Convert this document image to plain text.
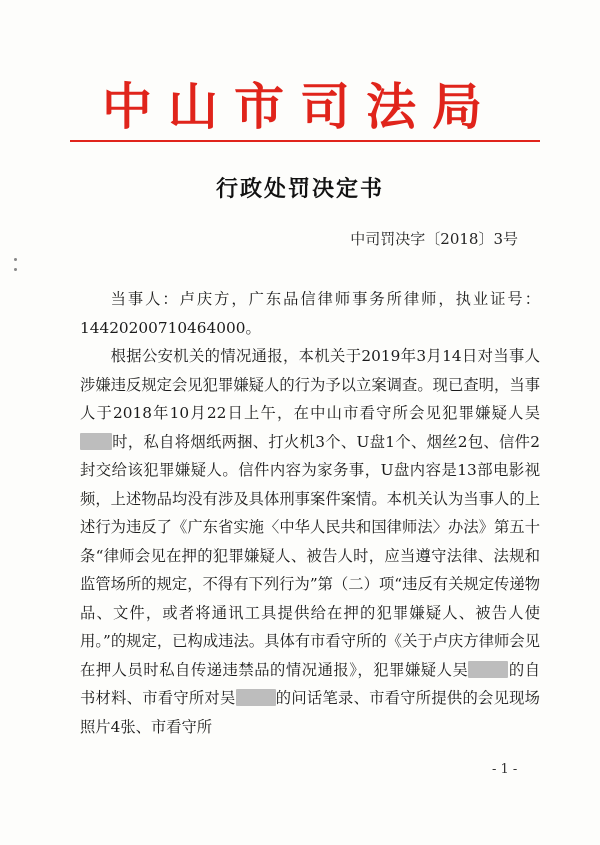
中山市司法局
行政处罚决定书
中司罚决字〔2018〕3号

当事人：卢庆方，广东品信律师事务所律师，执业证号：14420200710464000。

根据公安机关的情况通报，本机关于2019年3月14日对当事人涉嫌违反规定会见犯罪嫌疑人的行为予以立案调查。现已查明，当事人于2018年10月22日上午，在中山市看守所会见犯罪嫌疑人吴时，私自将烟纸两捆、打火机3个、U盘1个、烟丝2包、信件2封交给该犯罪嫌疑人。信件内容为家务事，U盘内容是13部电影视频，上述物品均没有涉及具体刑事案件案情。本机关认为当事人的上述行为违反了《广东省实施〈中华人民共和国律师法〉办法》第五十条“律师会见在押的犯罪嫌疑人、被告人时，应当遵守法律、法规和监管场所的规定，不得有下列行为”第（二）项“违反有关规定传递物品、文件，或者将通讯工具提供给在押的犯罪嫌疑人、被告人使用。”的规定，已构成违法。具体有市看守所的《关于卢庆方律师会见在押人员时私自传递违禁品的情况通报》，犯罪嫌疑人吴	的自书材料、市看守所对吴	的问话笔录、市看守所提供的会见现场照片4张、市看守所

- 1 -
